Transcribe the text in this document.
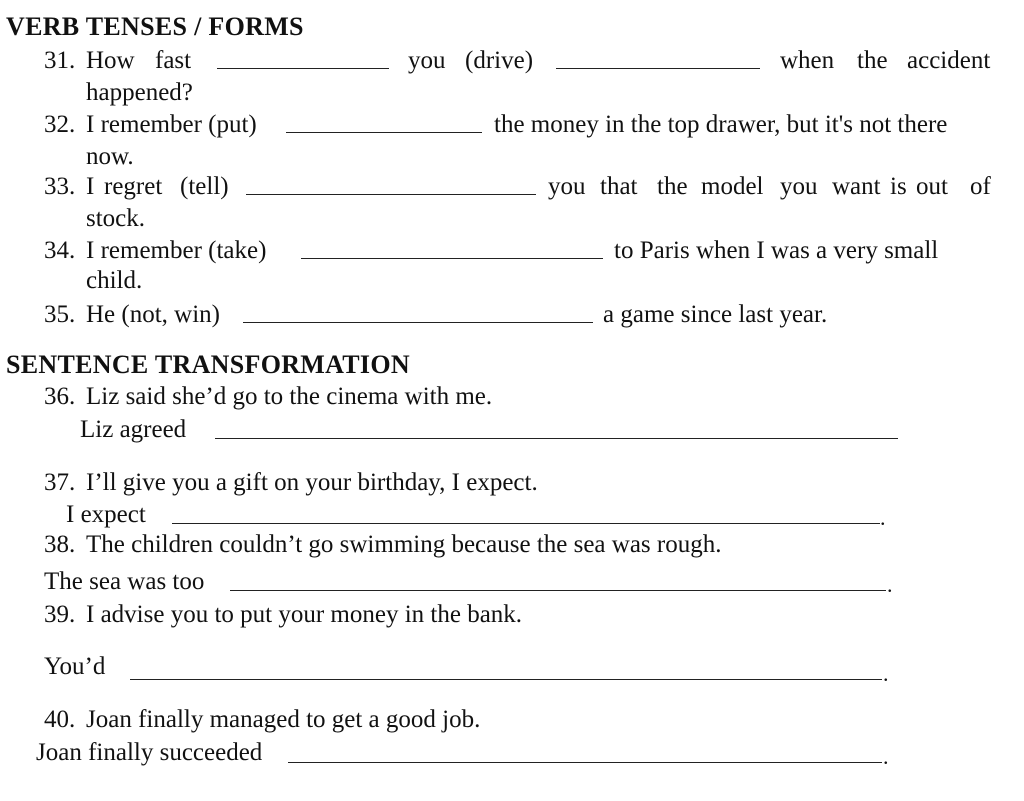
VERB TENSES / FORMS
31. How fast	you (drive)	when the accident
happened?
32. I remember (put)	the money in the top drawer, but it's not there
now.
33. I regret (tell)	you that the model you want is out of
stock.
34. I remember (take)	to Paris when I was a very small
child.
35. He (not, win)	a game since last year.
SENTENCE TRANSFORMATION
36. Liz said she’d go to the cinema with me.
Liz agreed
37. I’ll give you a gift on your birthday, I expect.
I expect	.
38. The children couldn’t go swimming because the sea was rough.
The sea was too	.
39. I advise you to put your money in the bank.
You’d	.
40. Joan finally managed to get a good job.
Joan finally succeeded	.
